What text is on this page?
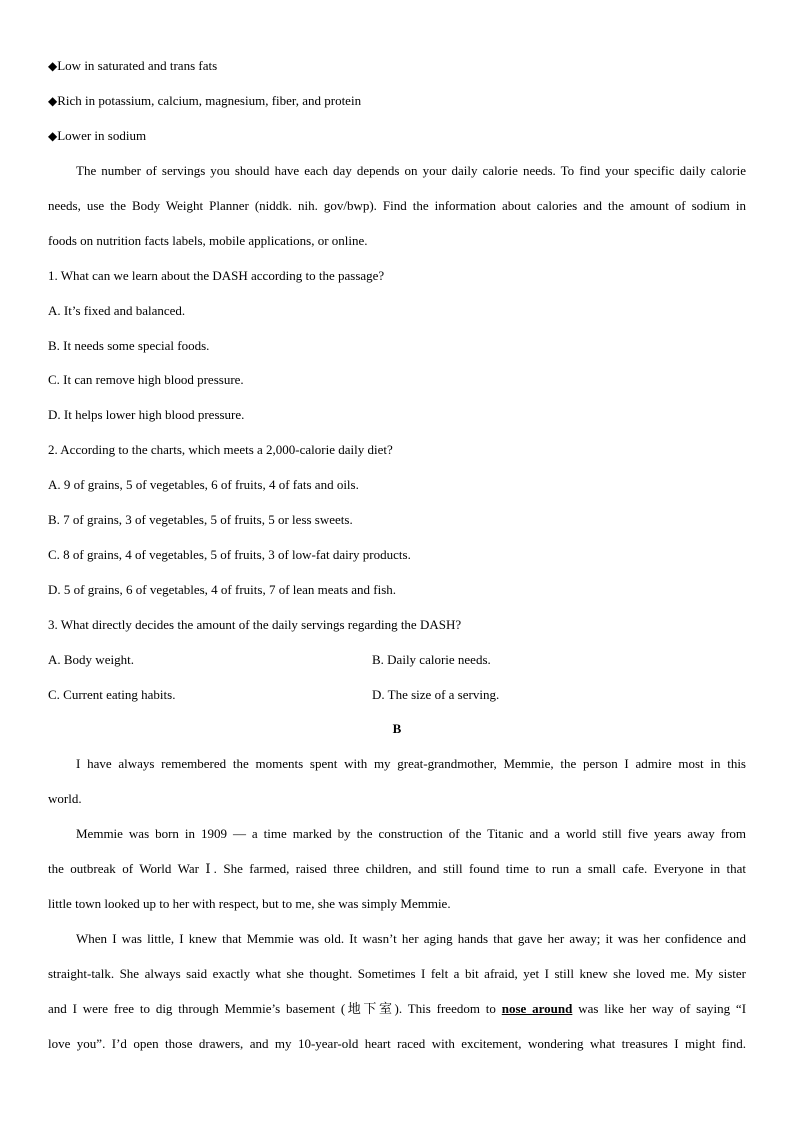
◆Low in saturated and trans fats
◆Rich in potassium, calcium, magnesium, fiber, and protein
◆Lower in sodium
The number of servings you should have each day depends on your daily calorie needs. To find your specific daily calorie
needs, use the Body Weight Planner (niddk. nih. gov/bwp). Find the information about calories and the amount of sodium in
foods on nutrition facts labels, mobile applications, or online.
1. What can we learn about the DASH according to the passage?
A. It’s fixed and balanced.
B. It needs some special foods.
C. It can remove high blood pressure.
D. It helps lower high blood pressure.
2. According to the charts, which meets a 2,000-calorie daily diet?
A. 9 of grains, 5 of vegetables, 6 of fruits, 4 of fats and oils.
B. 7 of grains, 3 of vegetables, 5 of fruits, 5 or less sweets.
C. 8 of grains, 4 of vegetables, 5 of fruits, 3 of low-fat dairy products.
D. 5 of grains, 6 of vegetables, 4 of fruits, 7 of lean meats and fish.
3. What directly decides the amount of the daily servings regarding the DASH?
A. Body weight.	B. Daily calorie needs.
C. Current eating habits.	D. The size of a serving.
B
I have always remembered the moments spent with my great-grandmother, Memmie, the person I admire most in this
world.
Memmie was born in 1909 — a time marked by the construction of the Titanic and a world still five years away from
the outbreak of World War Ⅰ. She farmed, raised three children, and still found time to run a small cafe. Everyone in that
little town looked up to her with respect, but to me, she was simply Memmie.
When I was little, I knew that Memmie was old. It wasn’t her aging hands that gave her away; it was her confidence and
straight-talk. She always said exactly what she thought. Sometimes I felt a bit afraid, yet I still knew she loved me. My sister
and I were free to dig through Memmie’s basement (地下室). This freedom to nose around was like her way of saying “I
love you”. I’d open those drawers, and my 10-year-old heart raced with excitement, wondering what treasures I might find.
